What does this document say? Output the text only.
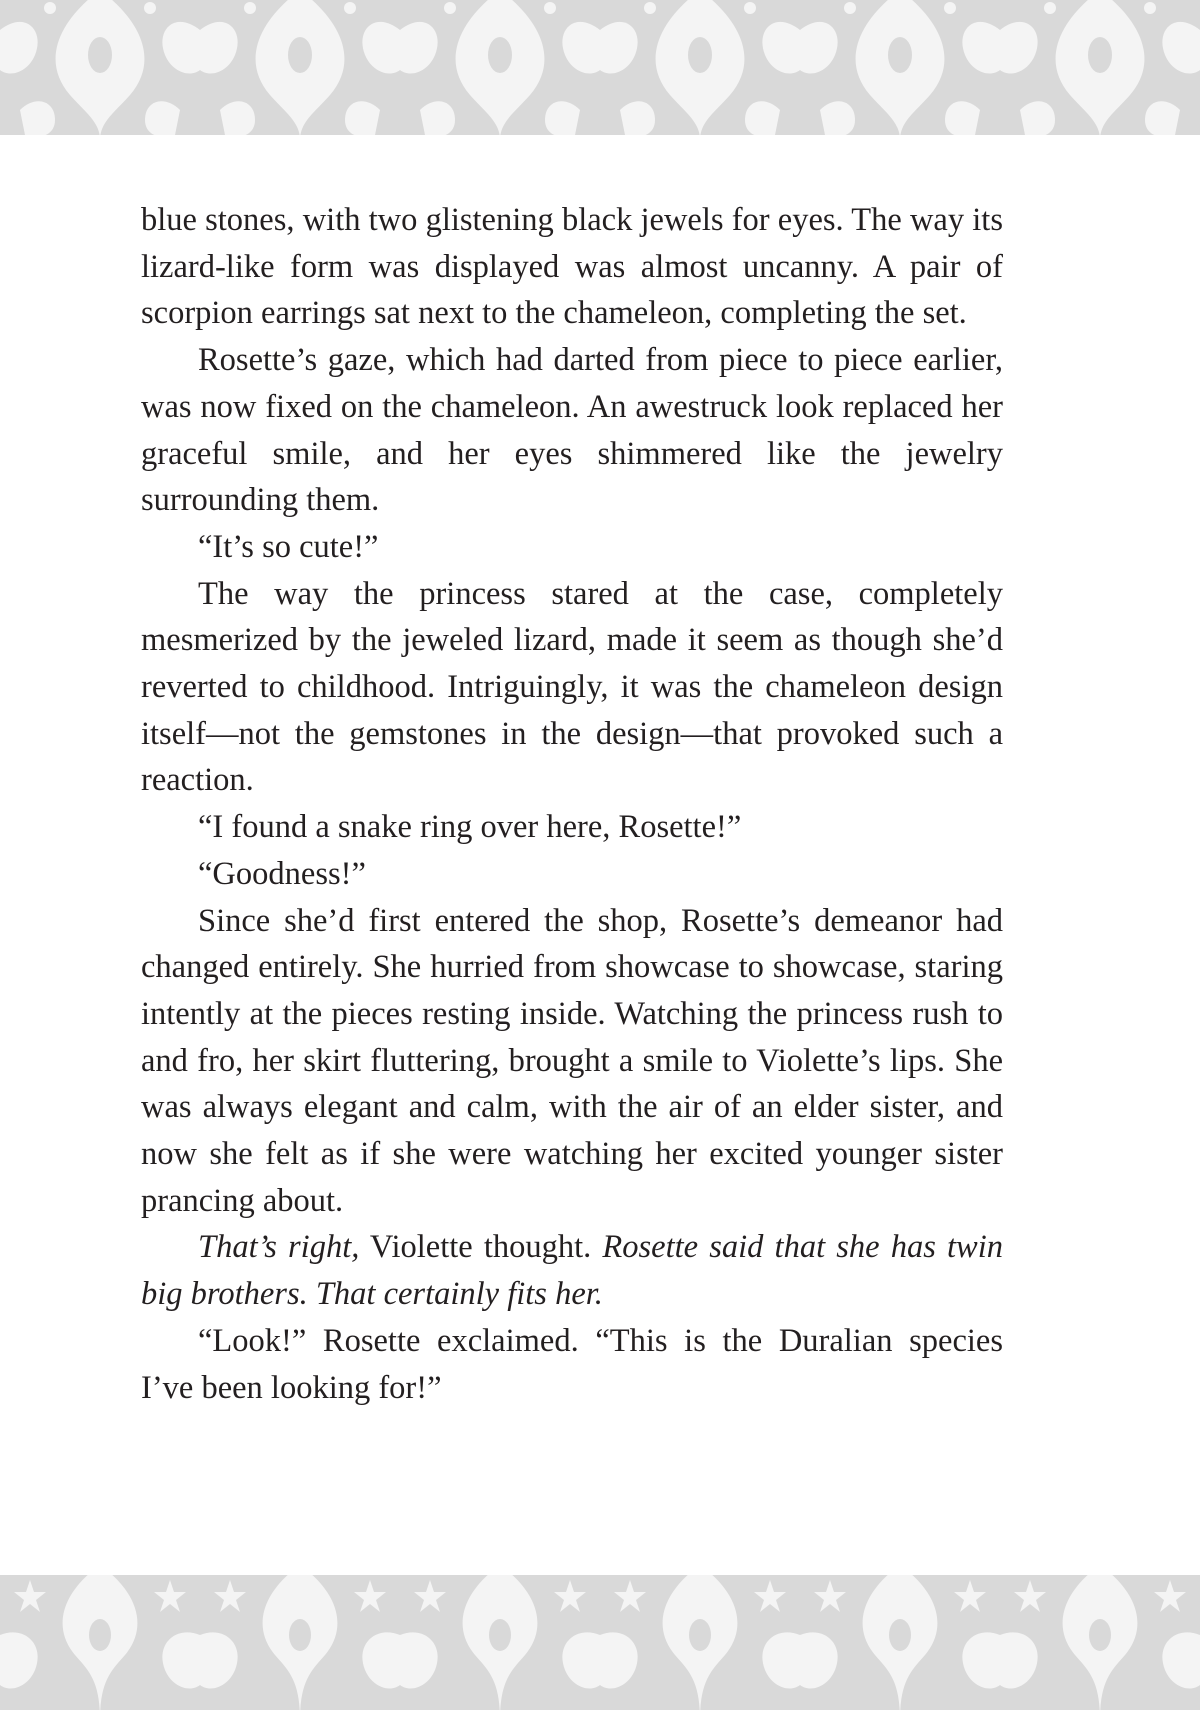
blue stones, with two glistening black jewels for eyes. The way its lizard-like form was displayed was almost uncanny. A pair of scorpion earrings sat next to the chameleon, completing the set.

Rosette’s gaze, which had darted from piece to piece earlier, was now fixed on the chameleon. An awestruck look replaced her graceful smile, and her eyes shimmered like the jewelry surrounding them.

“It’s so cute!”

The way the princess stared at the case, completely mesmerized by the jeweled lizard, made it seem as though she’d reverted to childhood. Intriguingly, it was the chameleon design itself—not the gemstones in the design—that provoked such a reaction.

“I found a snake ring over here, Rosette!”

“Goodness!”

Since she’d first entered the shop, Rosette’s demeanor had changed entirely. She hurried from showcase to showcase, staring intently at the pieces resting inside. Watching the princess rush to and fro, her skirt fluttering, brought a smile to Violette’s lips. She was always elegant and calm, with the air of an elder sister, and now she felt as if she were watching her excited younger sister prancing about.

That’s right, Violette thought. Rosette said that she has twin big brothers. That certainly fits her.

“Look!” Rosette exclaimed. “This is the Duralian species I’ve been looking for!”
